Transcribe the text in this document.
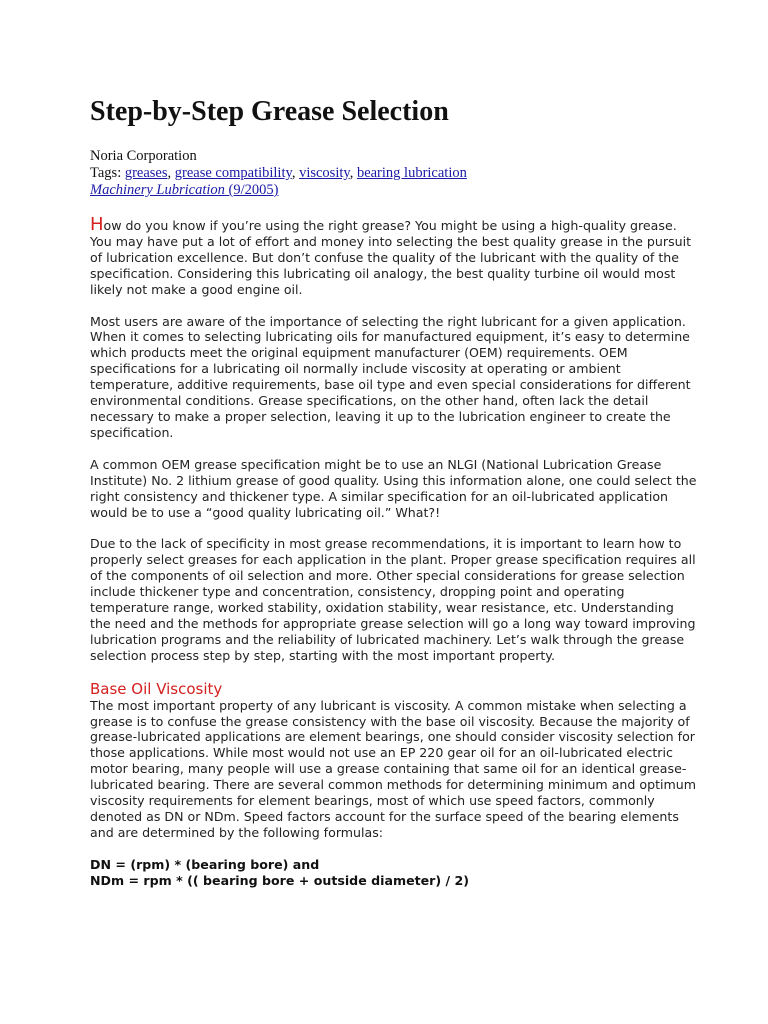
Step-by-Step Grease Selection

Noria Corporation

Tags: greases, grease compatibility, viscosity, bearing lubrication

Machinery Lubrication (9/2005)

How do you know if you’re using the right grease? You might be using a high-quality grease. You may have put a lot of effort and money into selecting the best quality grease in the pursuit of lubrication excellence. But don’t confuse the quality of the lubricant with the quality of the specification. Considering this lubricating oil analogy, the best quality turbine oil would most likely not make a good engine oil.

Most users are aware of the importance of selecting the right lubricant for a given application. When it comes to selecting lubricating oils for manufactured equipment, it’s easy to determine which products meet the original equipment manufacturer (OEM) requirements. OEM specifications for a lubricating oil normally include viscosity at operating or ambient temperature, additive requirements, base oil type and even special considerations for different environmental conditions. Grease specifications, on the other hand, often lack the detail necessary to make a proper selection, leaving it up to the lubrication engineer to create the specification.

A common OEM grease specification might be to use an NLGI (National Lubrication Grease Institute) No. 2 lithium grease of good quality. Using this information alone, one could select the right consistency and thickener type. A similar specification for an oil-lubricated application would be to use a “good quality lubricating oil.” What?!

Due to the lack of specificity in most grease recommendations, it is important to learn how to properly select greases for each application in the plant. Proper grease specification requires all of the components of oil selection and more. Other special considerations for grease selection include thickener type and concentration, consistency, dropping point and operating temperature range, worked stability, oxidation stability, wear resistance, etc. Understanding the need and the methods for appropriate grease selection will go a long way toward improving lubrication programs and the reliability of lubricated machinery. Let’s walk through the grease selection process step by step, starting with the most important property.

Base Oil Viscosity

The most important property of any lubricant is viscosity. A common mistake when selecting a grease is to confuse the grease consistency with the base oil viscosity. Because the majority of grease-lubricated applications are element bearings, one should consider viscosity selection for those applications. While most would not use an EP 220 gear oil for an oil-lubricated electric motor bearing, many people will use a grease containing that same oil for an identical grease-lubricated bearing. There are several common methods for determining minimum and optimum viscosity requirements for element bearings, most of which use speed factors, commonly denoted as DN or NDm. Speed factors account for the surface speed of the bearing elements and are determined by the following formulas:

DN = (rpm) * (bearing bore) and

NDm = rpm * (( bearing bore + outside diameter) / 2)
